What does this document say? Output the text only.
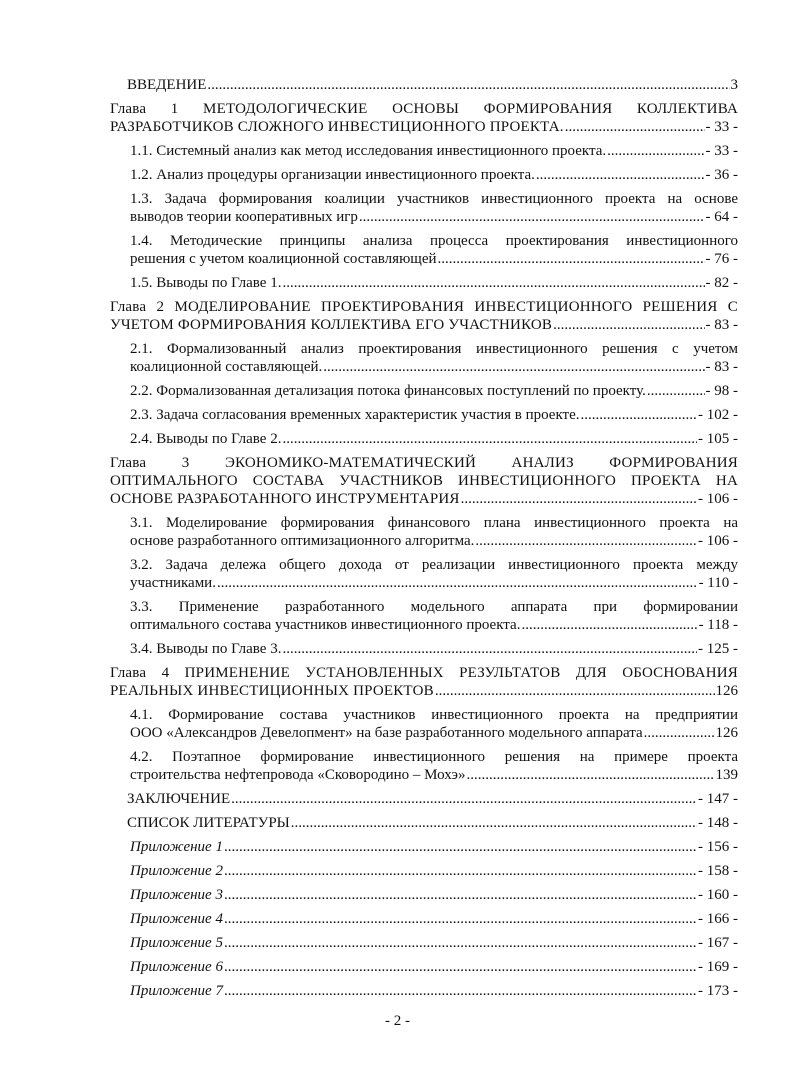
ВВЕДЕНИЕ .....	3
Глава 1 МЕТОДОЛОГИЧЕСКИЕ ОСНОВЫ ФОРМИРОВАНИЯ КОЛЛЕКТИВА
РАЗРАБОТЧИКОВ СЛОЖНОГО ИНВЕСТИЦИОННОГО ПРОЕКТА. .....	- 33 -
1.1. Системный анализ как метод исследования инвестиционного проекта. .....	- 33 -
1.2. Анализ процедуры организации инвестиционного проекта. .....	- 36 -
1.3. Задача формирования коалиции участников инвестиционного проекта на основе
выводов теории кооперативных игр .....	- 64 -
1.4. Методические принципы анализа процесса проектирования инвестиционного
решения с учетом коалиционной составляющей .....	- 76 -
1.5. Выводы по Главе 1. .....	- 82 -
Глава 2 МОДЕЛИРОВАНИЕ ПРОЕКТИРОВАНИЯ ИНВЕСТИЦИОННОГО РЕШЕНИЯ С
УЧЕТОМ ФОРМИРОВАНИЯ КОЛЛЕКТИВА ЕГО УЧАСТНИКОВ .....	- 83 -
2.1. Формализованный анализ проектирования инвестиционного решения с учетом
коалиционной составляющей. .....	- 83 -
2.2. Формализованная детализация потока финансовых поступлений по проекту. .....	- 98 -
2.3. Задача согласования временных характеристик участия в проекте. .....	- 102 -
2.4. Выводы по Главе 2. .....	- 105 -
Глава 3 ЭКОНОМИКО-МАТЕМАТИЧЕСКИЙ АНАЛИЗ ФОРМИРОВАНИЯ
ОПТИМАЛЬНОГО СОСТАВА УЧАСТНИКОВ ИНВЕСТИЦИОННОГО ПРОЕКТА НА
ОСНОВЕ РАЗРАБОТАННОГО ИНСТРУМЕНТАРИЯ .....	- 106 -
3.1. Моделирование формирования финансового плана инвестиционного проекта на
основе разработанного оптимизационного алгоритма. .....	- 106 -
3.2. Задача дележа общего дохода от реализации инвестиционного проекта между
участниками. .....	- 110 -
3.3. Применение разработанного модельного аппарата при формировании
оптимального состава участников инвестиционного проекта. .....	- 118 -
3.4. Выводы по Главе 3. .....	- 125 -
Глава 4 ПРИМЕНЕНИЕ УСТАНОВЛЕННЫХ РЕЗУЛЬТАТОВ ДЛЯ ОБОСНОВАНИЯ
РЕАЛЬНЫХ ИНВЕСТИЦИОННЫХ ПРОЕКТОВ .....	126
4.1. Формирование состава участников инвестиционного проекта на предприятии
ООО «Александров Девелопмент» на базе разработанного модельного аппарата .....	126
4.2. Поэтапное формирование инвестиционного решения на примере проекта
строительства нефтепровода «Сковородино – Мохэ» .....	139
ЗАКЛЮЧЕНИЕ .....	- 147 -
СПИСОК ЛИТЕРАТУРЫ .....	- 148 -
Приложение 1 .....	- 156 -
Приложение 2 .....	- 158 -
Приложение 3 .....	- 160 -
Приложение 4 .....	- 166 -
Приложение 5 .....	- 167 -
Приложение 6 .....	- 169 -
Приложение 7 .....	- 173 -
- 2 -
